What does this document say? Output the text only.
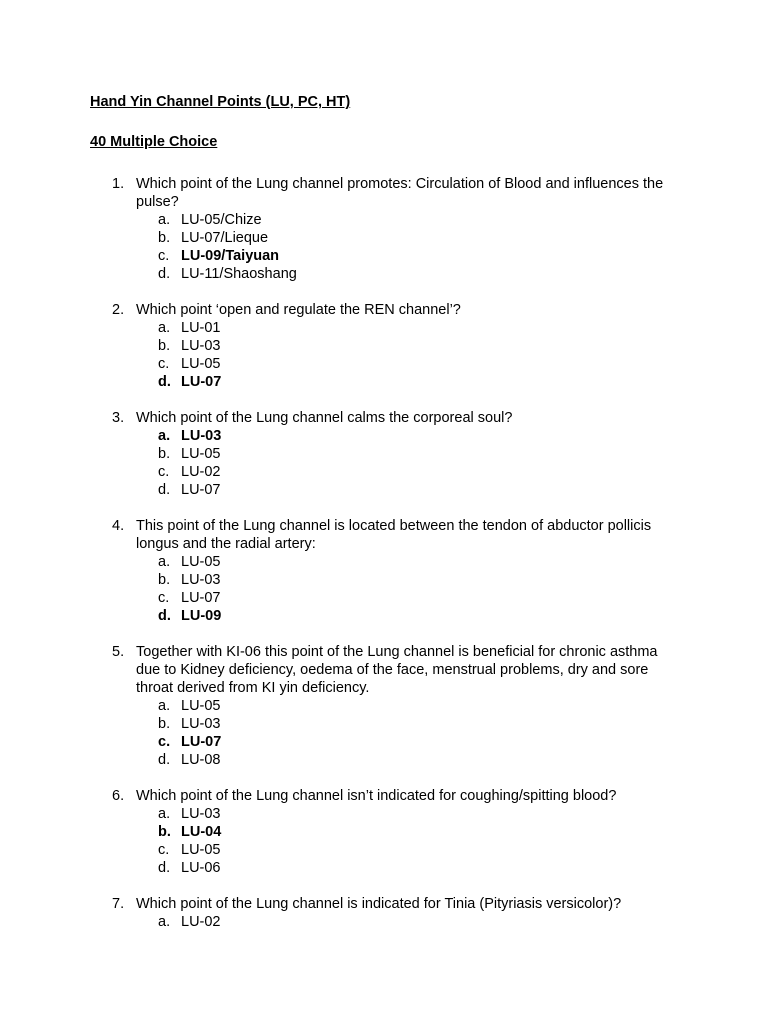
Hand Yin Channel Points (LU, PC, HT)
40 Multiple Choice
1. Which point of the Lung channel promotes: Circulation of Blood and influences the pulse?
a. LU-05/Chize
b. LU-07/Lieque
c. LU-09/Taiyuan
d. LU-11/Shaoshang
2. Which point ‘open and regulate the REN channel’?
a. LU-01
b. LU-03
c. LU-05
d. LU-07
3. Which point of the Lung channel calms the corporeal soul?
a. LU-03
b. LU-05
c. LU-02
d. LU-07
4. This point of the Lung channel is located between the tendon of abductor pollicis longus and the radial artery:
a. LU-05
b. LU-03
c. LU-07
d. LU-09
5. Together with KI-06 this point of the Lung channel is beneficial for chronic asthma due to Kidney deficiency, oedema of the face, menstrual problems, dry and sore throat derived from KI yin deficiency.
a. LU-05
b. LU-03
c. LU-07
d. LU-08
6. Which point of the Lung channel isn’t indicated for coughing/spitting blood?
a. LU-03
b. LU-04
c. LU-05
d. LU-06
7. Which point of the Lung channel is indicated for Tinia (Pityriasis versicolor)?
a. LU-02
